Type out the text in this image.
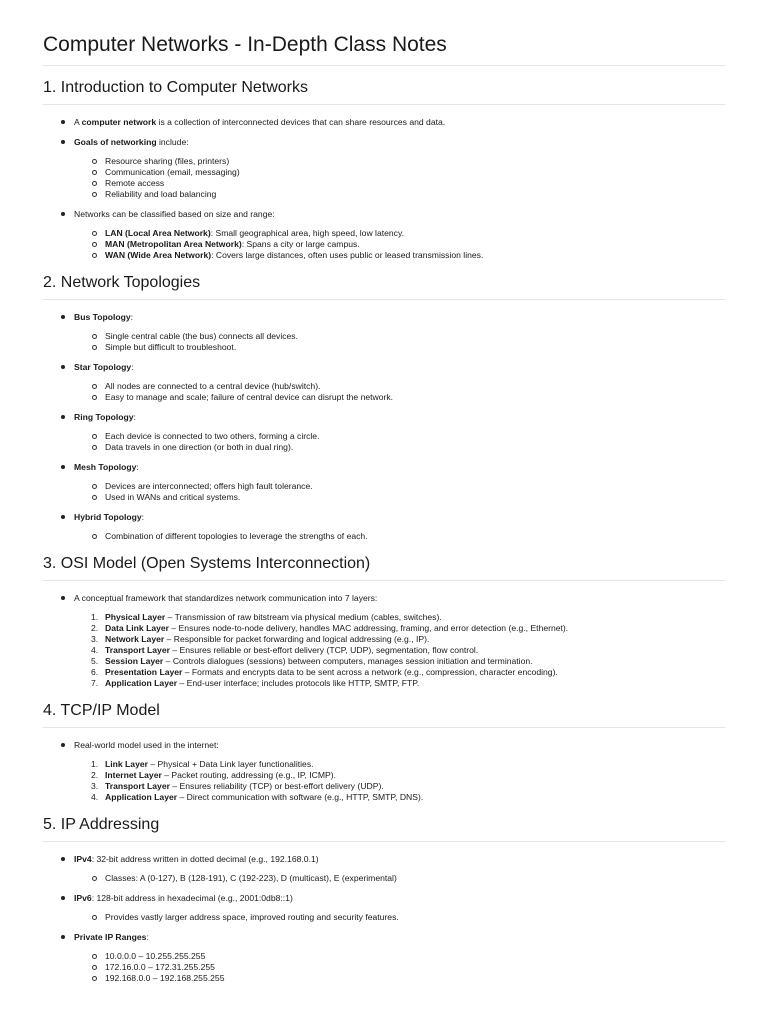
Computer Networks - In-Depth Class Notes
1. Introduction to Computer Networks
A computer network is a collection of interconnected devices that can share resources and data.
Goals of networking include:
Resource sharing (files, printers)
Communication (email, messaging)
Remote access
Reliability and load balancing
Networks can be classified based on size and range:
LAN (Local Area Network): Small geographical area, high speed, low latency.
MAN (Metropolitan Area Network): Spans a city or large campus.
WAN (Wide Area Network): Covers large distances, often uses public or leased transmission lines.
2. Network Topologies
Bus Topology:
Single central cable (the bus) connects all devices.
Simple but difficult to troubleshoot.
Star Topology:
All nodes are connected to a central device (hub/switch).
Easy to manage and scale; failure of central device can disrupt the network.
Ring Topology:
Each device is connected to two others, forming a circle.
Data travels in one direction (or both in dual ring).
Mesh Topology:
Devices are interconnected; offers high fault tolerance.
Used in WANs and critical systems.
Hybrid Topology:
Combination of different topologies to leverage the strengths of each.
3. OSI Model (Open Systems Interconnection)
A conceptual framework that standardizes network communication into 7 layers:
1. Physical Layer – Transmission of raw bitstream via physical medium (cables, switches).
2. Data Link Layer – Ensures node-to-node delivery, handles MAC addressing, framing, and error detection (e.g., Ethernet).
3. Network Layer – Responsible for packet forwarding and logical addressing (e.g., IP).
4. Transport Layer – Ensures reliable or best-effort delivery (TCP, UDP), segmentation, flow control.
5. Session Layer – Controls dialogues (sessions) between computers, manages session initiation and termination.
6. Presentation Layer – Formats and encrypts data to be sent across a network (e.g., compression, character encoding).
7. Application Layer – End-user interface; includes protocols like HTTP, SMTP, FTP.
4. TCP/IP Model
Real-world model used in the internet:
1. Link Layer – Physical + Data Link layer functionalities.
2. Internet Layer – Packet routing, addressing (e.g., IP, ICMP).
3. Transport Layer – Ensures reliability (TCP) or best-effort delivery (UDP).
4. Application Layer – Direct communication with software (e.g., HTTP, SMTP, DNS).
5. IP Addressing
IPv4: 32-bit address written in dotted decimal (e.g., 192.168.0.1)
Classes: A (0-127), B (128-191), C (192-223), D (multicast), E (experimental)
IPv6: 128-bit address in hexadecimal (e.g., 2001:0db8::1)
Provides vastly larger address space, improved routing and security features.
Private IP Ranges:
10.0.0.0 – 10.255.255.255
172.16.0.0 – 172.31.255.255
192.168.0.0 – 192.168.255.255
